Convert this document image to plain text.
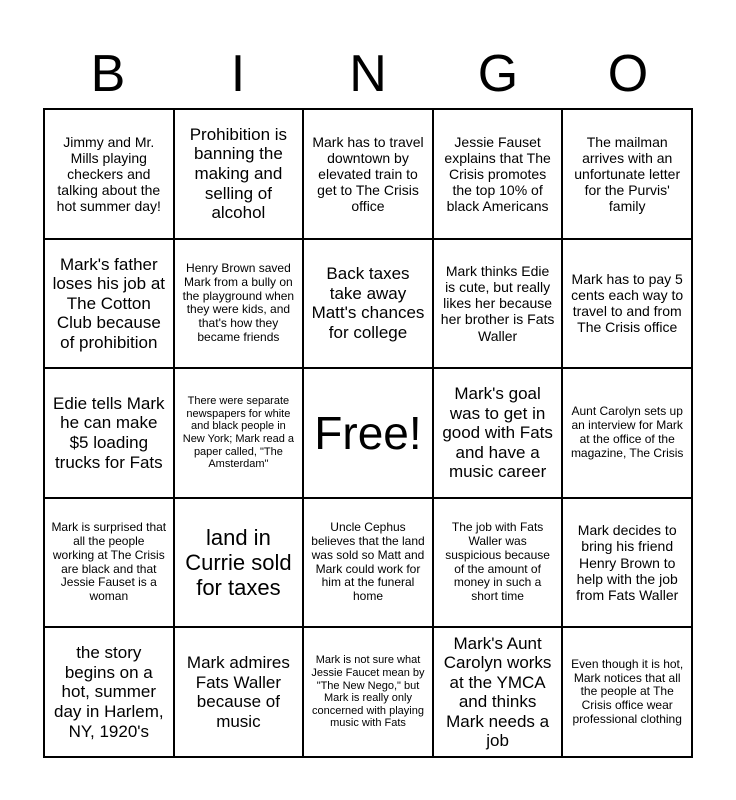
B	I	N	G	O
Jimmy and Mr. Mills playing checkers and talking about the hot summer day!
Prohibition is banning the making and selling of alcohol
Mark has to travel downtown by elevated train to get to The Crisis office
Jessie Fauset explains that The Crisis promotes the top 10% of black Americans
The mailman arrives with an unfortunate letter for the Purvis' family
Mark's father loses his job at The Cotton Club because of prohibition
Henry Brown saved Mark from a bully on the playground when they were kids, and that's how they became friends
Back taxes take away Matt's chances for college
Mark thinks Edie is cute, but really likes her because her brother is Fats Waller
Mark has to pay 5 cents each way to travel to and from The Crisis office
Edie tells Mark he can make $5 loading trucks for Fats
There were separate newspapers for white and black people in New York; Mark read a paper called, "The Amsterdam"
Free!
Mark's goal was to get in good with Fats and have a music career
Aunt Carolyn sets up an interview for Mark at the office of the magazine, The Crisis
Mark is surprised that all the people working at The Crisis are black and that Jessie Fauset is a woman
land in Currie sold for taxes
Uncle Cephus believes that the land was sold so Matt and Mark could work for him at the funeral home
The job with Fats Waller was suspicious because of the amount of money in such a short time
Mark decides to bring his friend Henry Brown to help with the job from Fats Waller
the story begins on a hot, summer day in Harlem, NY, 1920's
Mark admires Fats Waller because of music
Mark is not sure what Jessie Faucet mean by "The New Nego," but Mark is really only concerned with playing music with Fats
Mark's Aunt Carolyn works at the YMCA and thinks Mark needs a job
Even though it is hot, Mark notices that all the people at The Crisis office wear professional clothing
